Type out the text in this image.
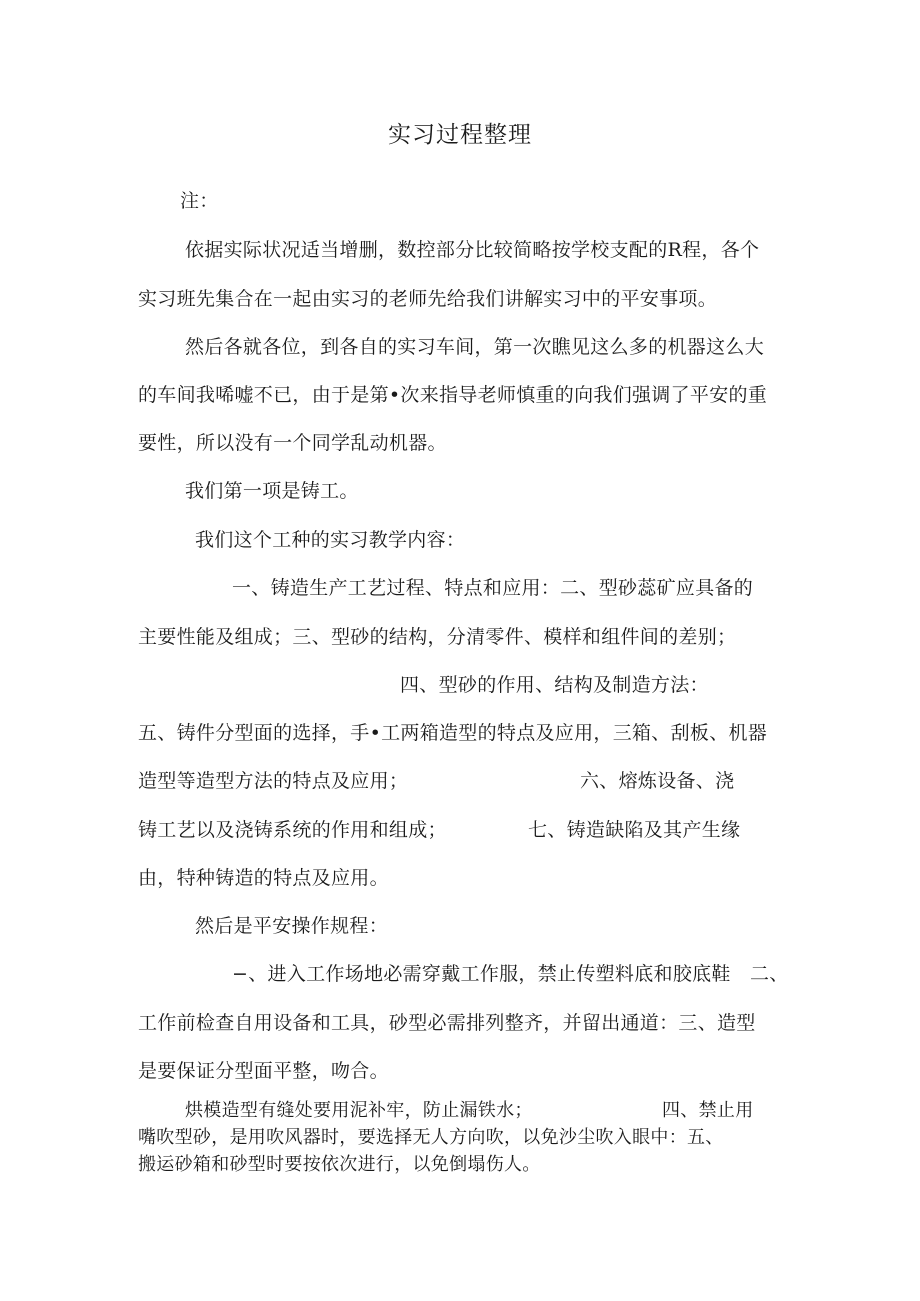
实习过程整理
注：
依据实际状况适当增删，数控部分比较简略按学校支配的R程，各个
实习班先集合在一起由实习的老师先给我们讲解实习中的平安事项。
然后各就各位，到各自的实习车间，第一次瞧见这么多的机器这么大
的车间我唏嘘不已，由于是第•次来指导老师慎重的向我们强调了平安的重
要性，所以没有一个同学乱动机器。
我们第一项是铸工。
我们这个工种的实习教学内容：
一、铸造生产工艺过程、特点和应用：二、型砂蕊矿应具备的
主要性能及组成；三、型砂的结构，分清零件、模样和组件间的差别；
四、型砂的作用、结构及制造方法：
五、铸件分型面的选择，手•工两箱造型的特点及应用，三箱、刮板、机器
造型等造型方法的特点及应用；	六、熔炼设备、浇
铸工艺以及浇铸系统的作用和组成；	七、铸造缺陷及其产生缘
由，特种铸造的特点及应用。
然后是平安操作规程：
−、进入工作场地必需穿戴工作服，禁止传塑料底和胶底鞋 二、
工作前检查自用设备和工具，砂型必需排列整齐，并留出通道：三、造型
是要保证分型面平整，吻合。
烘模造型有缝处要用泥补牢，防止漏铁水；	四、禁止用
嘴吹型砂，是用吹风器时，要选择无人方向吹，以免沙尘吹入眼中：五、
搬运砂箱和砂型时要按依次进行，以免倒塌伤人。
